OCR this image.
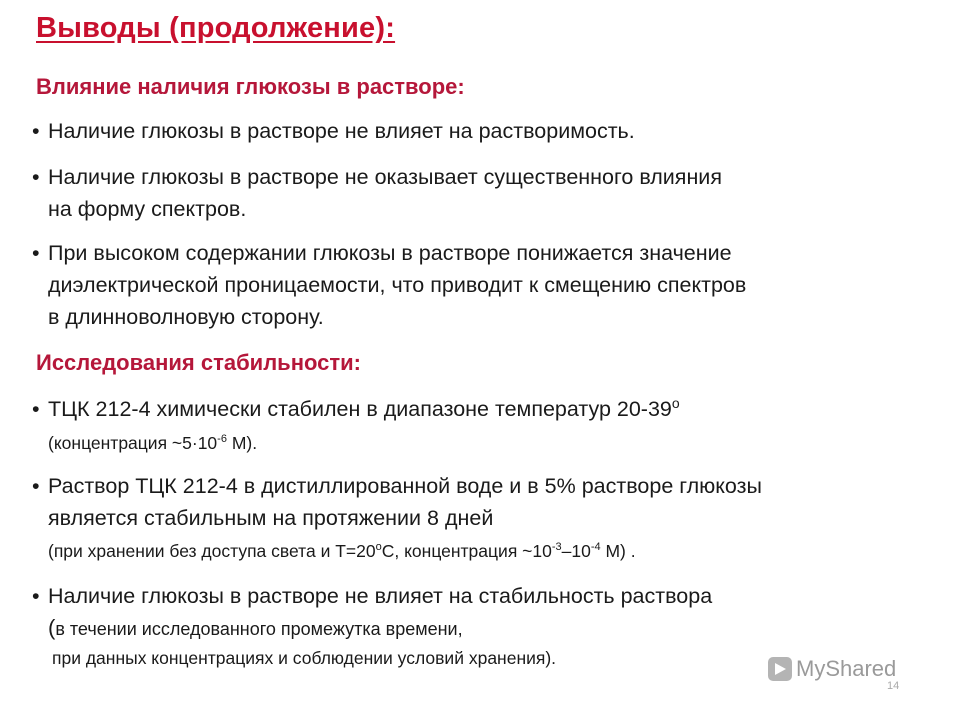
Выводы (продолжение):
Влияние наличия глюкозы в растворе:
• Наличие глюкозы в растворе не влияет на растворимость.
• Наличие глюкозы в растворе не оказывает существенного влияния
на форму спектров.
• При высоком содержании глюкозы в растворе понижается значение
диэлектрической проницаемости, что приводит к смещению спектров
в длинноволновую сторону.
Исследования стабильности:
• ТЦК 212-4 химически стабилен в диапазоне температур $20-39^о$
(концентрация $\sim 5\cdot 10^{-6}$ М).
• Раствор ТЦК 212-4 в дистиллированной воде и в 5% растворе глюкозы
является стабильным на протяжении 8 дней
(при хранении без доступа света и $Т=20^оС$, концентрация $\sim 10^{-3}-10^{-4}$ М) .
• Наличие глюкозы в растворе не влияет на стабильность раствора
(в течении исследованного промежутка времени,
при данных концентрациях и соблюдении условий хранения).	MyShared
14
